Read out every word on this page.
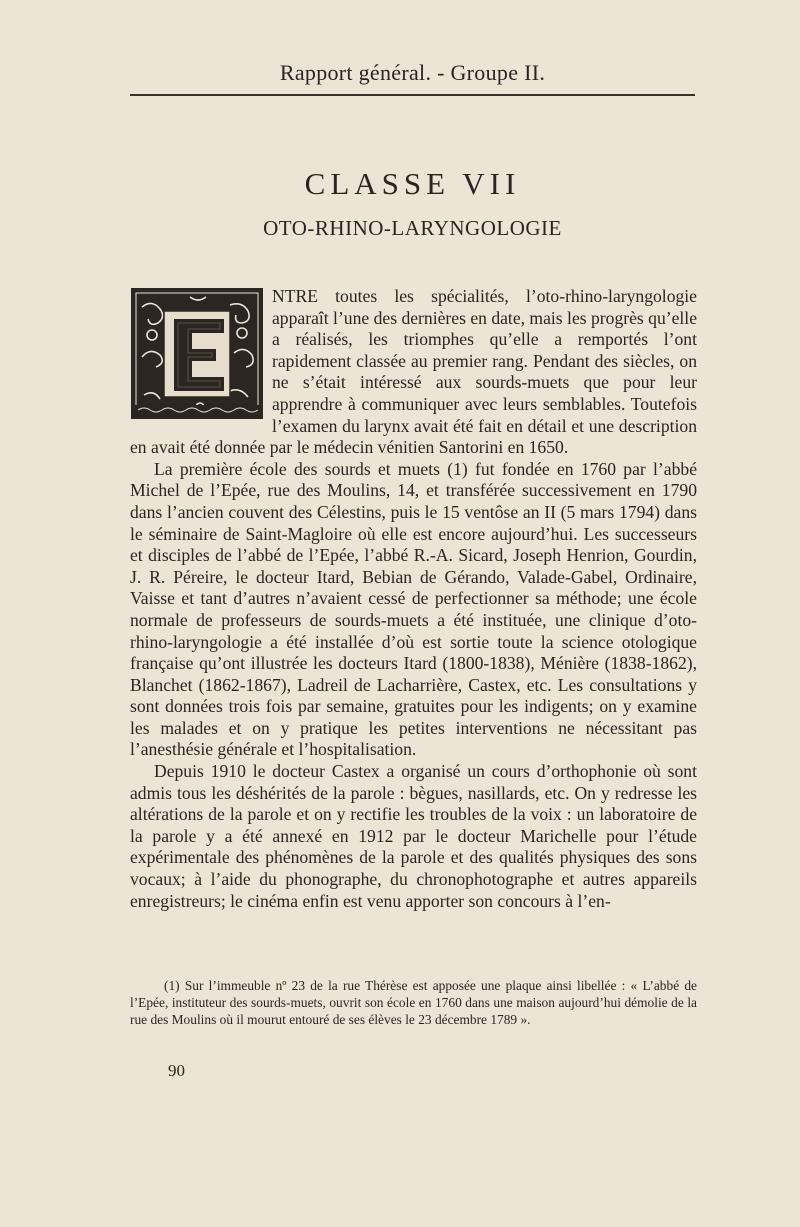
Rapport général. - Groupe II.
CLASSE VII
OTO-RHINO-LARYNGOLOGIE

NTRE toutes les spécialités, l’oto-rhino-laryngologie apparaît l’une des dernières en date, mais les progrès qu’elle a réalisés, les triomphes qu’elle a remportés l’ont rapidement classée au premier rang. Pendant des siècles, on ne s’était intéressé aux sourds-muets que pour leur apprendre à communiquer avec leurs semblables. Toutefois l’examen du larynx avait été fait en détail et une description en avait été donnée par le médecin vénitien Santorini en 1650.

La première école des sourds et muets (1) fut fondée en 1760 par l’abbé Michel de l’Epée, rue des Moulins, 14, et transférée successivement en 1790 dans l’ancien couvent des Célestins, puis le 15 ventôse an II (5 mars 1794) dans le séminaire de Saint-Magloire où elle est encore aujourd’hui. Les successeurs et disciples de l’abbé de l’Epée, l’abbé R.-A. Sicard, Joseph Henrion, Gourdin, J. R. Péreire, le docteur Itard, Bebian de Gérando, Valade-Gabel, Ordinaire, Vaisse et tant d’autres n’avaient cessé de perfectionner sa méthode; une école normale de professeurs de sourds-muets a été instituée, une clinique d’oto-rhino-laryngologie a été installée d’où est sortie toute la science otologique française qu’ont illustrée les docteurs Itard (1800-1838), Ménière (1838-1862), Blanchet (1862-1867), Ladreil de Lacharrière, Castex, etc. Les consultations y sont données trois fois par semaine, gratuites pour les indigents; on y examine les malades et on y pratique les petites interventions ne nécessitant pas l’anesthésie générale et l’hospitalisation.

Depuis 1910 le docteur Castex a organisé un cours d’orthophonie où sont admis tous les déshérités de la parole : bègues, nasillards, etc. On y redresse les altérations de la parole et on y rectifie les troubles de la voix : un laboratoire de la parole y a été annexé en 1912 par le docteur Marichelle pour l’étude expérimentale des phénomènes de la parole et des qualités physiques des sons vocaux; à l’aide du phonographe, du chronophotographe et autres appareils enregistreurs; le cinéma enfin est venu apporter son concours à l’en-

(1) Sur l’immeuble nº 23 de la rue Thérèse est apposée une plaque ainsi libellée : « L’abbé de l’Epée, instituteur des sourds-muets, ouvrit son école en 1760 dans une maison aujourd’hui démolie de la rue des Moulins où il mourut entouré de ses élèves le 23 décembre 1789 ».

90
